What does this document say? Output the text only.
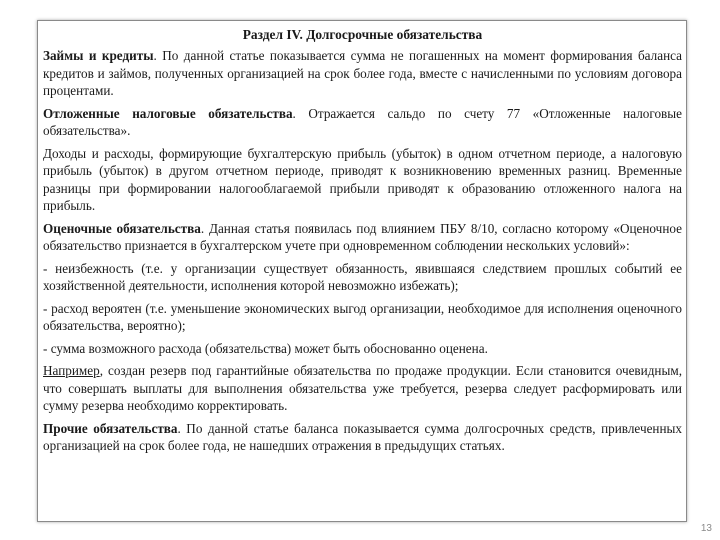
Раздел IV. Долгосрочные обязательства

Займы и кредиты. По данной статье показывается сумма не погашенных на момент формирования баланса кредитов и займов, полученных организацией на срок более года, вместе с начисленными по условиям договора процентами.

Отложенные налоговые обязательства. Отражается сальдо по счету 77 «Отложенные налоговые обязательства».

Доходы и расходы, формирующие бухгалтерскую прибыль (убыток) в одном отчетном периоде, а налоговую прибыль (убыток) в другом отчетном периоде, приводят к возникновению временных разниц. Временные разницы при формировании налогооблагаемой прибыли приводят к образованию отложенного налога на прибыль.

Оценочные обязательства. Данная статья появилась под влиянием ПБУ 8/10, согласно которому «Оценочное обязательство признается в бухгалтерском учете при одновременном соблюдении нескольких условий»:

- неизбежность (т.е. у организации существует обязанность, явившаяся следствием прошлых событий ее хозяйственной деятельности, исполнения которой невозможно избежать);

- расход вероятен (т.е. уменьшение экономических выгод организации, необходимое для исполнения оценочного обязательства, вероятно);

- сумма возможного расхода (обязательства) может быть обоснованно оценена.

Например, создан резерв под гарантийные обязательства по продаже продукции. Если становится очевидным, что совершать выплаты для выполнения обязательства уже требуется, резерва следует расформировать или сумму резерва необходимо корректировать.

Прочие обязательства. По данной статье баланса показывается сумма долгосрочных средств, привлеченных организацией на срок более года, не нашедших отражения в предыдущих статьях.

13
